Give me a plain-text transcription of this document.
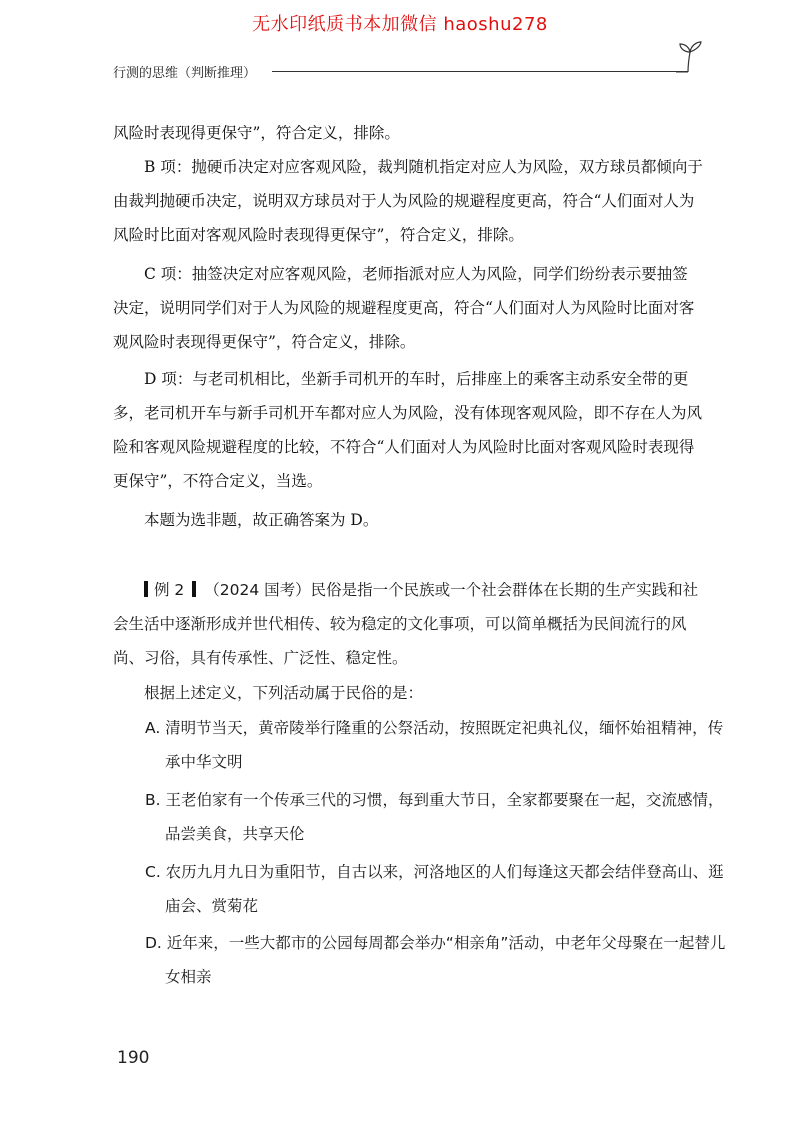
无水印纸质书本加微信 haoshu278
行测的思维（判断推理）

风险时表现得更保守”，符合定义，排除。

B 项：抛硬币决定对应客观风险，裁判随机指定对应人为风险，双方球员都倾向于由裁判抛硬币决定，说明双方球员对于人为风险的规避程度更高，符合“人们面对人为风险时比面对客观风险时表现得更保守”，符合定义，排除。

C 项：抽签决定对应客观风险，老师指派对应人为风险，同学们纷纷表示要抽签决定，说明同学们对于人为风险的规避程度更高，符合“人们面对人为风险时比面对客观风险时表现得更保守”，符合定义，排除。

D 项：与老司机相比，坐新手司机开的车时，后排座上的乘客主动系安全带的更多，老司机开车与新手司机开车都对应人为风险，没有体现客观风险，即不存在人为风险和客观风险规避程度的比较，不符合“人们面对人为风险时比面对客观风险时表现得更保守”，不符合定义，当选。

本题为选非题，故正确答案为 D。

例 2 （2024 国考）民俗是指一个民族或一个社会群体在长期的生产实践和社会生活中逐渐形成并世代相传、较为稳定的文化事项，可以简单概括为民间流行的风尚、习俗，具有传承性、广泛性、稳定性。
根据上述定义，下列活动属于民俗的是：
A. 清明节当天，黄帝陵举行隆重的公祭活动，按照既定祀典礼仪，缅怀始祖精神，传承中华文明
B. 王老伯家有一个传承三代的习惯，每到重大节日，全家都要聚在一起，交流感情，品尝美食，共享天伦
C. 农历九月九日为重阳节，自古以来，河洛地区的人们每逢这天都会结伴登高山、逛庙会、赏菊花
D. 近年来，一些大都市的公园每周都会举办“相亲角”活动，中老年父母聚在一起替儿女相亲
190
